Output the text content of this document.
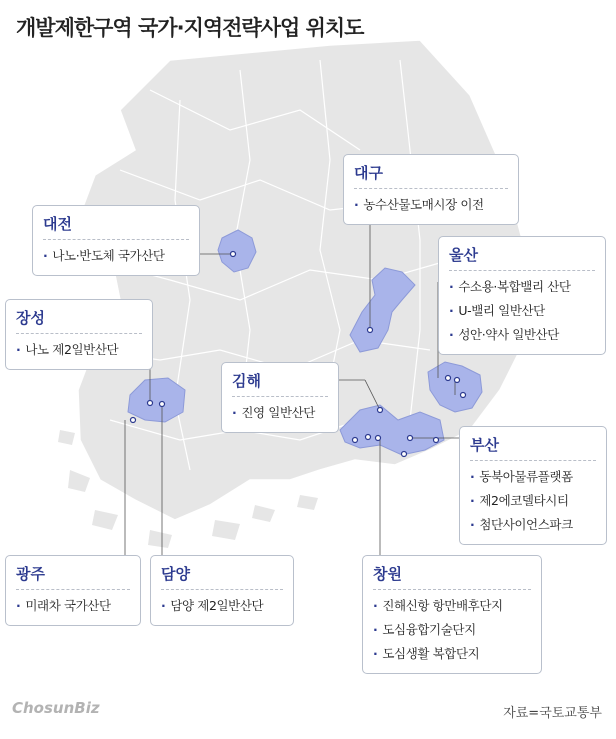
개발제한구역 국가·지역전략사업 위치도
대전
· 나노·반도체 국가산단
대구
· 농수산물도매시장 이전
울산
· 수소용·복합밸리 산단
· U-밸리 일반산단
· 성안·약사 일반산단
장성
· 나노 제2일반산단
김해
· 진영 일반산단
부산
· 동북아물류플랫폼
· 제2에코델타시티
· 첨단사이언스파크
광주
· 미래차 국가산단
담양
· 담양 제2일반산단
창원
· 진해신항 항만배후단지
· 도심융합기술단지
· 도심생활 복합단지
ChosunBiz	자료=국토교통부
